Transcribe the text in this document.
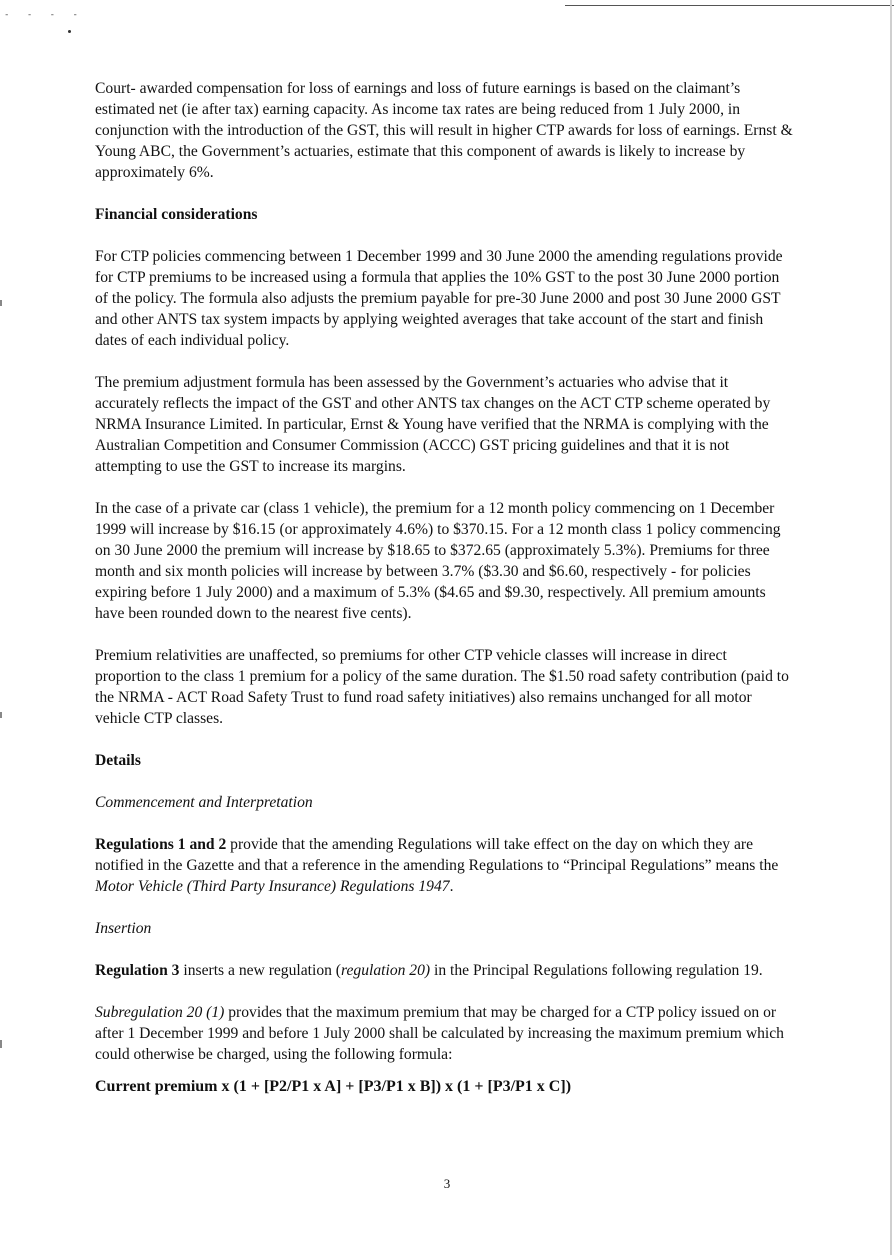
- - - -

Court- awarded compensation for loss of earnings and loss of future earnings is based on the claimant’s estimated net (ie after tax) earning capacity. As income tax rates are being reduced from 1 July 2000, in conjunction with the introduction of the GST, this will result in higher CTP awards for loss of earnings. Ernst & Young ABC, the Government’s actuaries, estimate that this component of awards is likely to increase by approximately 6%.

Financial considerations

For CTP policies commencing between 1 December 1999 and 30 June 2000 the amending regulations provide for CTP premiums to be increased using a formula that applies the 10% GST to the post 30 June 2000 portion of the policy. The formula also adjusts the premium payable for pre-30 June 2000 and post 30 June 2000 GST and other ANTS tax system impacts by applying weighted averages that take account of the start and finish dates of each individual policy.

The premium adjustment formula has been assessed by the Government’s actuaries who advise that it accurately reflects the impact of the GST and other ANTS tax changes on the ACT CTP scheme operated by NRMA Insurance Limited. In particular, Ernst & Young have verified that the NRMA is complying with the Australian Competition and Consumer Commission (ACCC) GST pricing guidelines and that it is not attempting to use the GST to increase its margins.

In the case of a private car (class 1 vehicle), the premium for a 12 month policy commencing on 1 December 1999 will increase by $16.15 (or approximately 4.6%) to $370.15. For a 12 month class 1 policy commencing on 30 June 2000 the premium will increase by $18.65 to $372.65 (approximately 5.3%). Premiums for three month and six month policies will increase by between 3.7% ($3.30 and $6.60, respectively - for policies expiring before 1 July 2000) and a maximum of 5.3% ($4.65 and $9.30, respectively. All premium amounts have been rounded down to the nearest five cents).

Premium relativities are unaffected, so premiums for other CTP vehicle classes will increase in direct proportion to the class 1 premium for a policy of the same duration. The $1.50 road safety contribution (paid to the NRMA - ACT Road Safety Trust to fund road safety initiatives) also remains unchanged for all motor vehicle CTP classes.

Details

Commencement and Interpretation

Regulations 1 and 2 provide that the amending Regulations will take effect on the day on which they are notified in the Gazette and that a reference in the amending Regulations to “Principal Regulations” means the Motor Vehicle (Third Party Insurance) Regulations 1947.

Insertion

Regulation 3 inserts a new regulation (regulation 20) in the Principal Regulations following regulation 19.

Subregulation 20 (1) provides that the maximum premium that may be charged for a CTP policy issued on or after 1 December 1999 and before 1 July 2000 shall be calculated by increasing the maximum premium which could otherwise be charged, using the following formula:

Current premium x (1 + [P2/P1 x A] + [P3/P1 x B]) x (1 + [P3/P1 x C])

3
